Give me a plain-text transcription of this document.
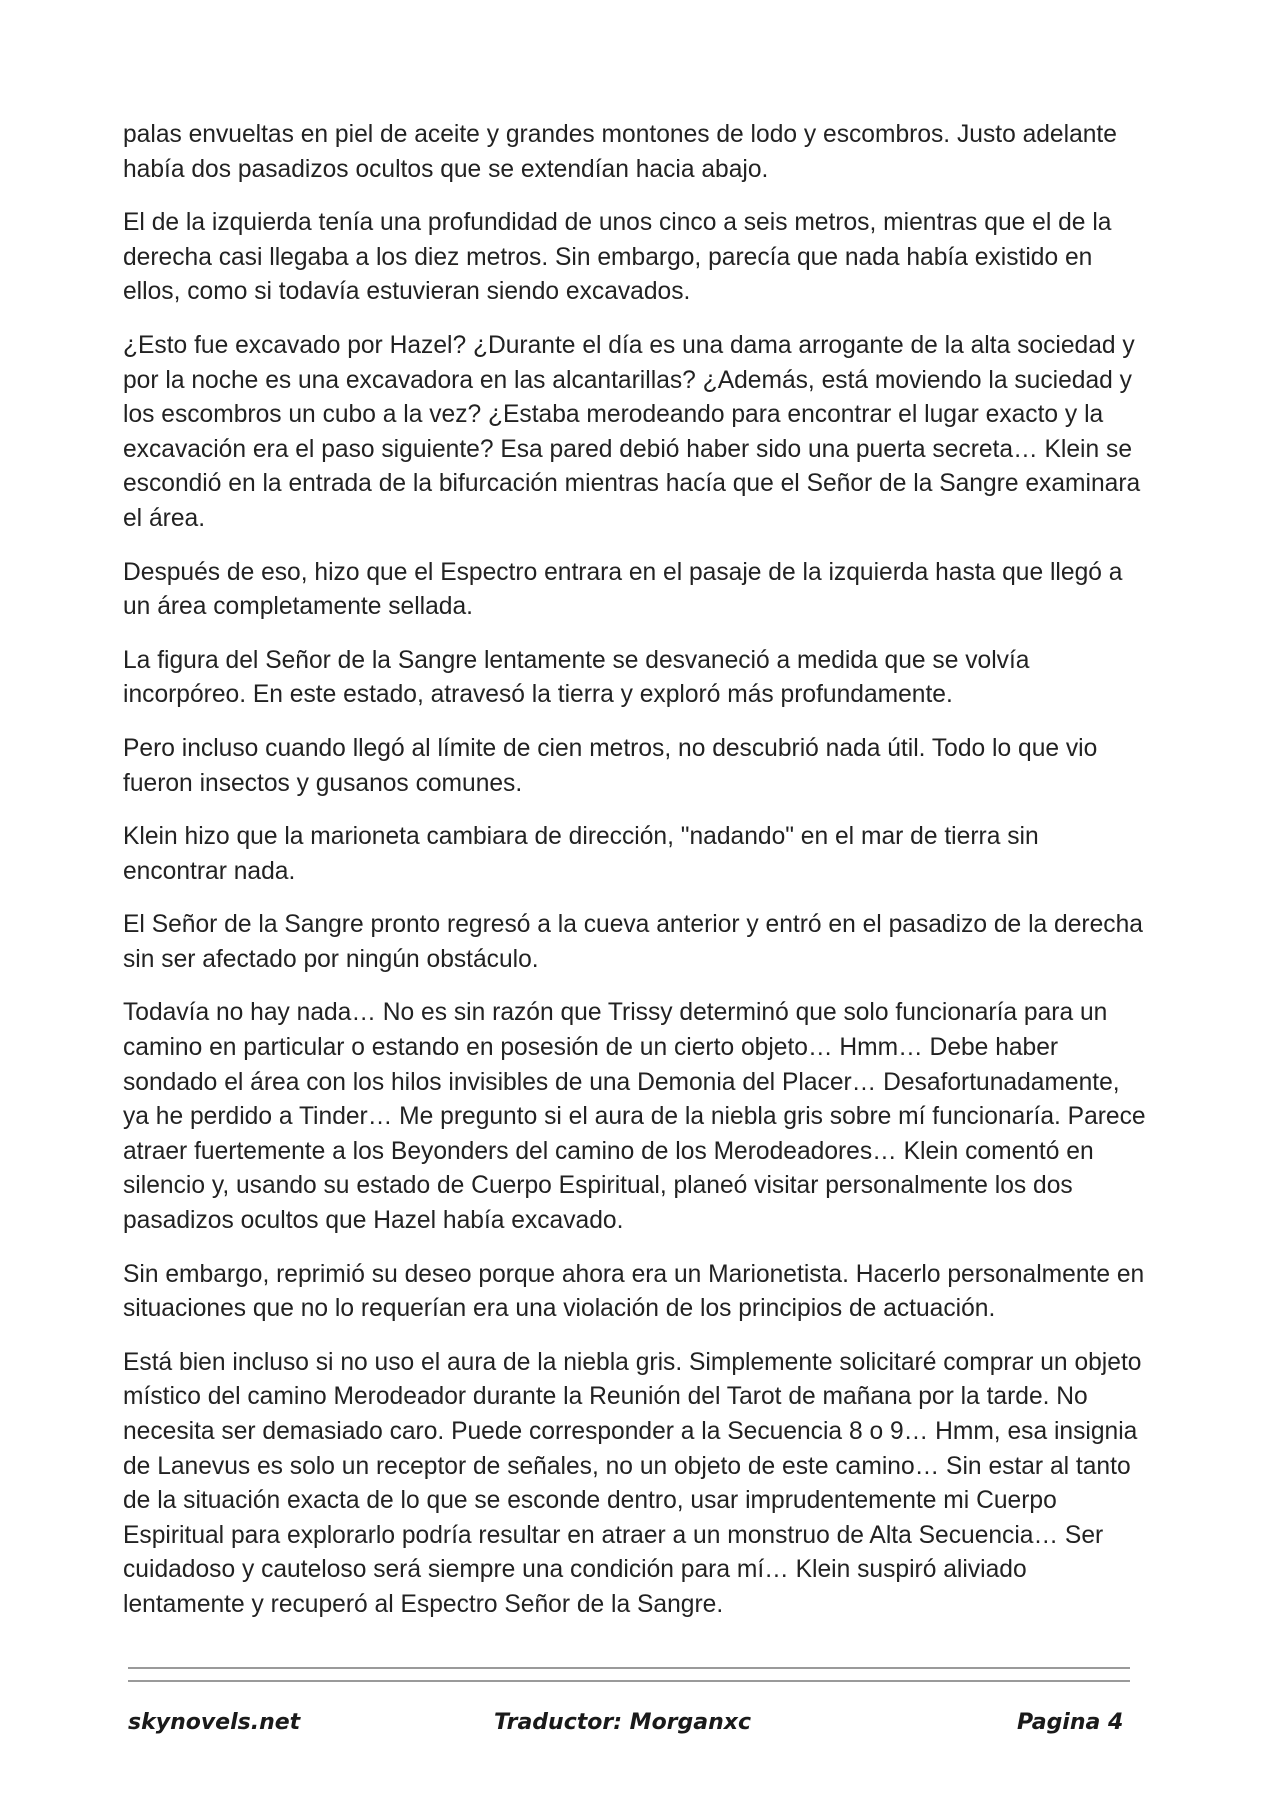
palas envueltas en piel de aceite y grandes montones de lodo y escombros. Justo adelante había dos pasadizos ocultos que se extendían hacia abajo.

El de la izquierda tenía una profundidad de unos cinco a seis metros, mientras que el de la derecha casi llegaba a los diez metros. Sin embargo, parecía que nada había existido en ellos, como si todavía estuvieran siendo excavados.

¿Esto fue excavado por Hazel? ¿Durante el día es una dama arrogante de la alta sociedad y por la noche es una excavadora en las alcantarillas? ¿Además, está moviendo la suciedad y los escombros un cubo a la vez? ¿Estaba merodeando para encontrar el lugar exacto y la excavación era el paso siguiente? Esa pared debió haber sido una puerta secreta… Klein se escondió en la entrada de la bifurcación mientras hacía que el Señor de la Sangre examinara el área.

Después de eso, hizo que el Espectro entrara en el pasaje de la izquierda hasta que llegó a un área completamente sellada.

La figura del Señor de la Sangre lentamente se desvaneció a medida que se volvía incorpóreo. En este estado, atravesó la tierra y exploró más profundamente.

Pero incluso cuando llegó al límite de cien metros, no descubrió nada útil. Todo lo que vio fueron insectos y gusanos comunes.

Klein hizo que la marioneta cambiara de dirección, "nadando" en el mar de tierra sin encontrar nada.

El Señor de la Sangre pronto regresó a la cueva anterior y entró en el pasadizo de la derecha sin ser afectado por ningún obstáculo.

Todavía no hay nada… No es sin razón que Trissy determinó que solo funcionaría para un camino en particular o estando en posesión de un cierto objeto… Hmm… Debe haber sondado el área con los hilos invisibles de una Demonia del Placer… Desafortunadamente, ya he perdido a Tinder… Me pregunto si el aura de la niebla gris sobre mí funcionaría. Parece atraer fuertemente a los Beyonders del camino de los Merodeadores… Klein comentó en silencio y, usando su estado de Cuerpo Espiritual, planeó visitar personalmente los dos pasadizos ocultos que Hazel había excavado.

Sin embargo, reprimió su deseo porque ahora era un Marionetista. Hacerlo personalmente en situaciones que no lo requerían era una violación de los principios de actuación.

Está bien incluso si no uso el aura de la niebla gris. Simplemente solicitaré comprar un objeto místico del camino Merodeador durante la Reunión del Tarot de mañana por la tarde. No necesita ser demasiado caro. Puede corresponder a la Secuencia 8 o 9… Hmm, esa insignia de Lanevus es solo un receptor de señales, no un objeto de este camino… Sin estar al tanto de la situación exacta de lo que se esconde dentro, usar imprudentemente mi Cuerpo Espiritual para explorarlo podría resultar en atraer a un monstruo de Alta Secuencia… Ser cuidadoso y cauteloso será siempre una condición para mí… Klein suspiró aliviado lentamente y recuperó al Espectro Señor de la Sangre.

skynovels.net	Traductor: Morganxc	Pagina 4
